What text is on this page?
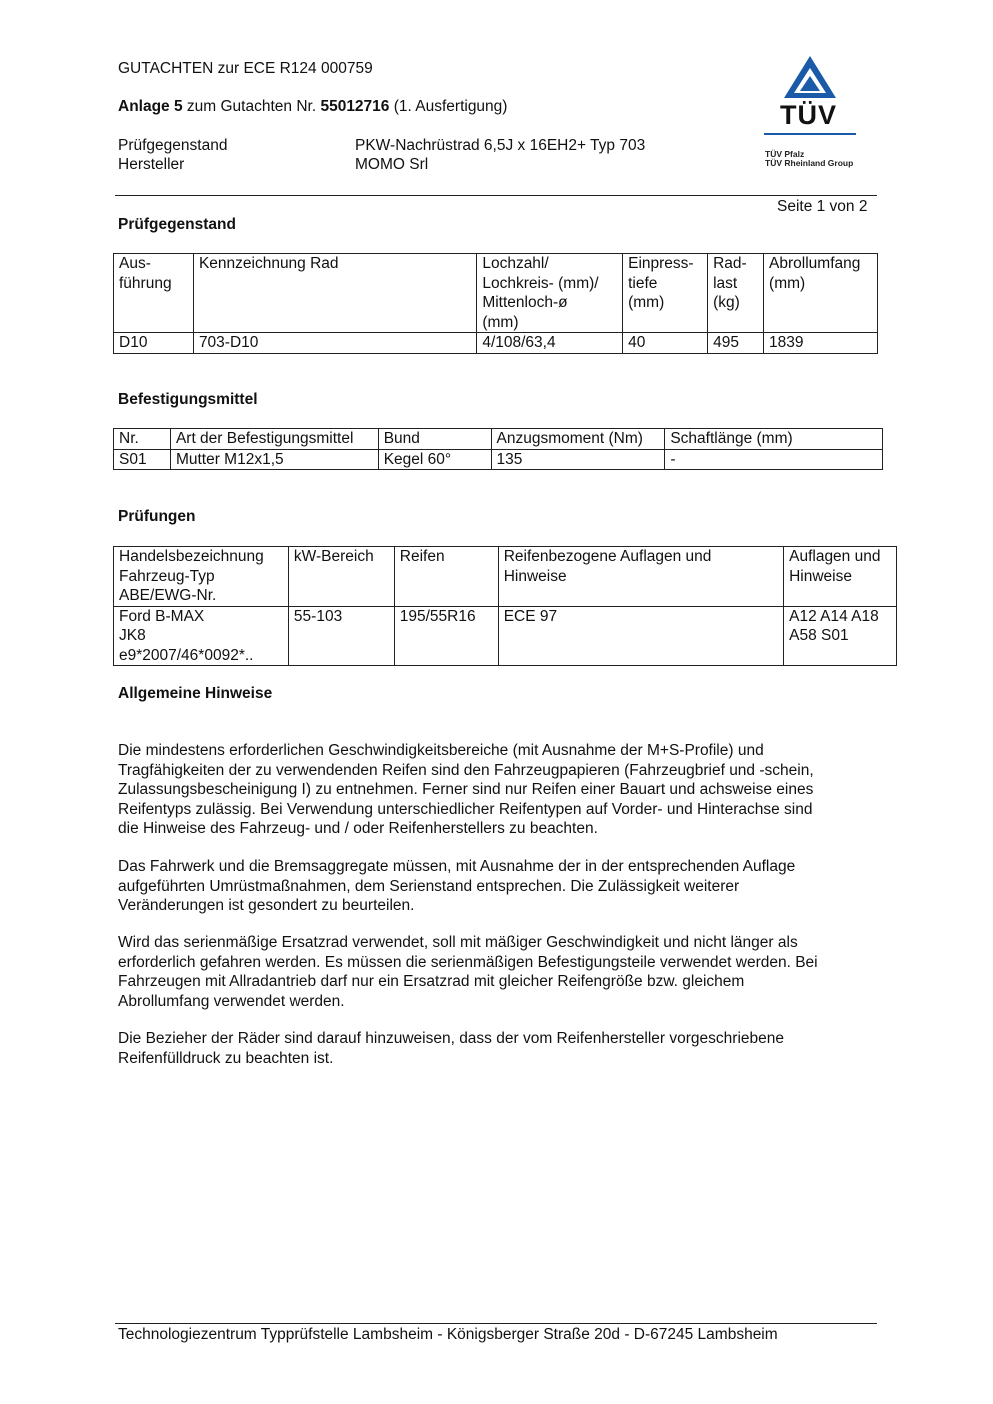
GUTACHTEN zur ECE R124 000759
Anlage 5 zum Gutachten Nr. 55012716 (1. Ausfertigung)
Prüfgegenstand	PKW-Nachrüstrad 6,5J x 16EH2+ Typ 703
Hersteller	MOMO Srl
TÜV
TÜV Pfalz
TÜV Rheinland Group
Seite 1 von 2
Prüfgegenstand
Aus-
führung	Kennzeichnung Rad	Lochzahl/
Lochkreis- (mm)/
Mittenloch-ø
(mm)	Einpress-
tiefe
(mm)	Rad-
last
(kg)	Abrollumfang
(mm)
D10	703-D10	4/108/63,4	40	495	1839
Befestigungsmittel
Nr.	Art der Befestigungsmittel	Bund	Anzugsmoment (Nm)	Schaftlänge (mm)
S01	Mutter M12x1,5	Kegel 60°	135	-
Prüfungen
Handelsbezeichnung
Fahrzeug-Typ
ABE/EWG-Nr.	kW-Bereich	Reifen	Reifenbezogene Auflagen und
Hinweise	Auflagen und
Hinweise
Ford B-MAX
JK8
e9*2007/46*0092*..	55-103	195/55R16	ECE 97	A12 A14 A18
A58 S01
Allgemeine Hinweise

Die mindestens erforderlichen Geschwindigkeitsbereiche (mit Ausnahme der M+S-Profile) und
Tragfähigkeiten der zu verwendenden Reifen sind den Fahrzeugpapieren (Fahrzeugbrief und -schein,
Zulassungsbescheinigung I) zu entnehmen. Ferner sind nur Reifen einer Bauart und achsweise eines
Reifentyps zulässig. Bei Verwendung unterschiedlicher Reifentypen auf Vorder- und Hinterachse sind
die Hinweise des Fahrzeug- und / oder Reifenherstellers zu beachten.

Das Fahrwerk und die Bremsaggregate müssen, mit Ausnahme der in der entsprechenden Auflage
aufgeführten Umrüstmaßnahmen, dem Serienstand entsprechen. Die Zulässigkeit weiterer
Veränderungen ist gesondert zu beurteilen.

Wird das serienmäßige Ersatzrad verwendet, soll mit mäßiger Geschwindigkeit und nicht länger als
erforderlich gefahren werden. Es müssen die serienmäßigen Befestigungsteile verwendet werden. Bei
Fahrzeugen mit Allradantrieb darf nur ein Ersatzrad mit gleicher Reifengröße bzw. gleichem
Abrollumfang verwendet werden.

Die Bezieher der Räder sind darauf hinzuweisen, dass der vom Reifenhersteller vorgeschriebene
Reifenfülldruck zu beachten ist.

Technologiezentrum Typprüfstelle Lambsheim - Königsberger Straße 20d - D-67245 Lambsheim
